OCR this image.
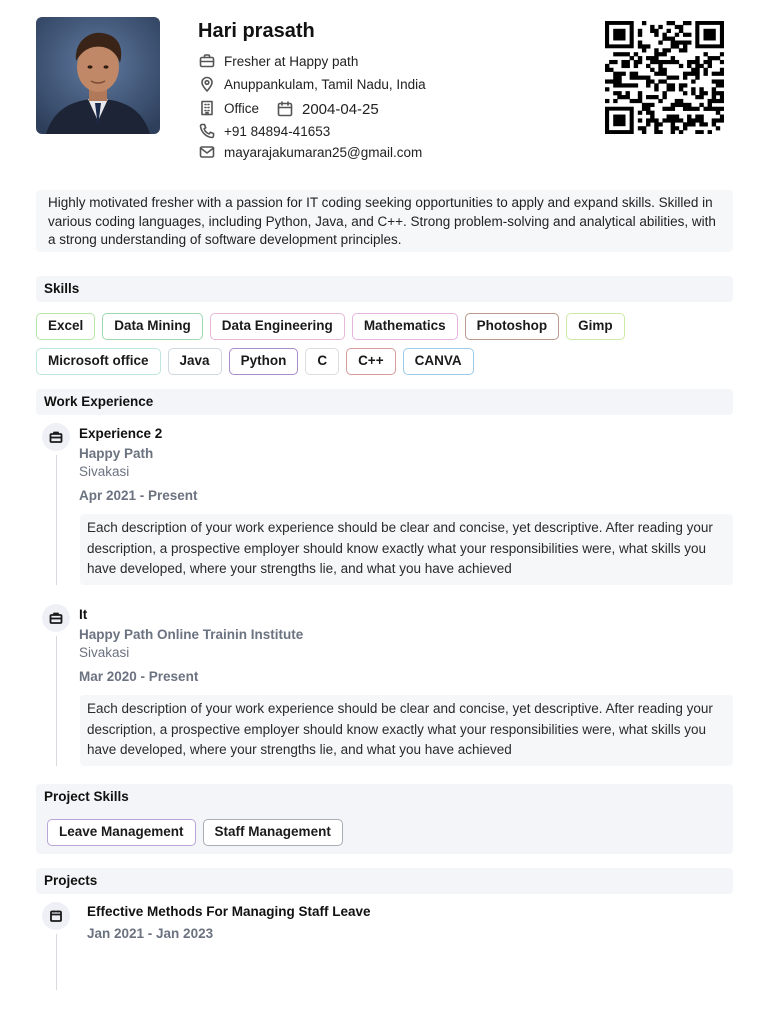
Hari prasath
Fresher at Happy path
Anuppankulam, Tamil Nadu, India
Office	2004-04-25
+91 84894-41653
mayarajakumaran25@gmail.com
Highly motivated fresher with a passion for IT coding seeking opportunities to apply and expand skills. Skilled in various coding languages, including Python, Java, and C++. Strong problem-solving and analytical abilities, with a strong understanding of software development principles.
Skills
Excel	Data Mining	Data Engineering	Mathematics	Photoshop	Gimp
Microsoft office	Java	Python	C	C++	CANVA
Work Experience
Experience 2
Happy Path
Sivakasi
Apr 2021 - Present
Each description of your work experience should be clear and concise, yet descriptive. After reading your description, a prospective employer should know exactly what your responsibilities were, what skills you have developed, where your strengths lie, and what you have achieved
It
Happy Path Online Trainin Institute
Sivakasi
Mar 2020 - Present
Each description of your work experience should be clear and concise, yet descriptive. After reading your description, a prospective employer should know exactly what your responsibilities were, what skills you have developed, where your strengths lie, and what you have achieved
Project Skills
Leave Management	Staff Management
Projects
Effective Methods For Managing Staff Leave
Jan 2021 - Jan 2023
